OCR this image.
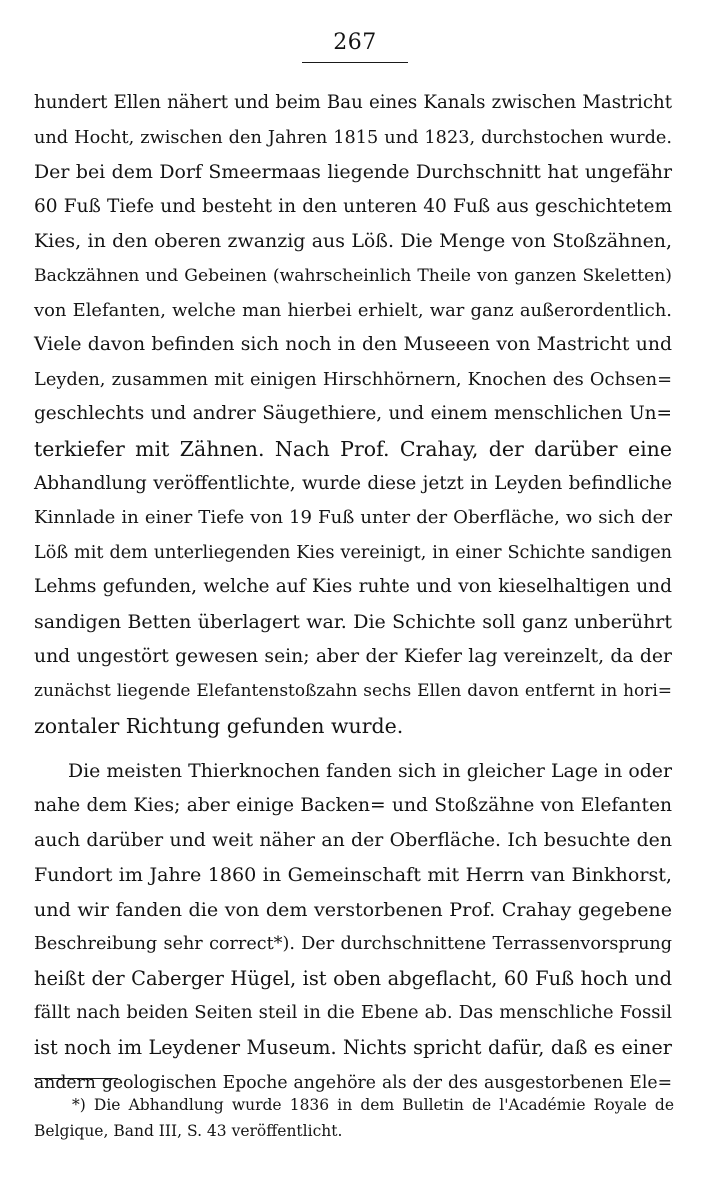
267

hundert Ellen nähert und beim Bau eines Kanals zwischen Mastricht
und Hocht, zwischen den Jahren 1815 und 1823, durchstochen wurde.
Der bei dem Dorf Smeermaas liegende Durchschnitt hat ungefähr
60 Fuß Tiefe und besteht in den unteren 40 Fuß aus geschichtetem
Kies, in den oberen zwanzig aus Löß. Die Menge von Stoßzähnen,
Backzähnen und Gebeinen (wahrscheinlich Theile von ganzen Skeletten)
von Elefanten, welche man hierbei erhielt, war ganz außerordentlich.
Viele davon befinden sich noch in den Museeen von Mastricht und
Leyden, zusammen mit einigen Hirschhörnern, Knochen des Ochsen=
geschlechts und andrer Säugethiere, und einem menschlichen Un=
terkiefer mit Zähnen. Nach Prof. Crahay, der darüber eine
Abhandlung veröffentlichte, wurde diese jetzt in Leyden befindliche
Kinnlade in einer Tiefe von 19 Fuß unter der Oberfläche, wo sich der
Löß mit dem unterliegenden Kies vereinigt, in einer Schichte sandigen
Lehms gefunden, welche auf Kies ruhte und von kieselhaltigen und
sandigen Betten überlagert war. Die Schichte soll ganz unberührt
und ungestört gewesen sein; aber der Kiefer lag vereinzelt, da der
zunächst liegende Elefantenstoßzahn sechs Ellen davon entfernt in hori=
zontaler Richtung gefunden wurde.

Die meisten Thierknochen fanden sich in gleicher Lage in oder
nahe dem Kies; aber einige Backen= und Stoßzähne von Elefanten
auch darüber und weit näher an der Oberfläche. Ich besuchte den
Fundort im Jahre 1860 in Gemeinschaft mit Herrn van Binkhorst,
und wir fanden die von dem verstorbenen Prof. Crahay gegebene
Beschreibung sehr correct*). Der durchschnittene Terrassenvorsprung
heißt der Caberger Hügel, ist oben abgeflacht, 60 Fuß hoch und
fällt nach beiden Seiten steil in die Ebene ab. Das menschliche Fossil
ist noch im Leydener Museum. Nichts spricht dafür, daß es einer
andern geologischen Epoche angehöre als der des ausgestorbenen Ele=

*) Die Abhandlung wurde 1836 in dem Bulletin de l'Académie Royale de
Belgique, Band III, S. 43 veröffentlicht.
